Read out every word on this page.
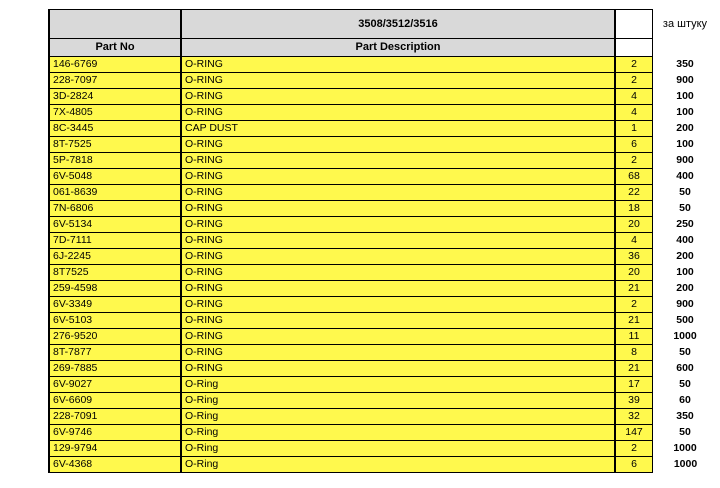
	3508/3512/3516		за штуку
Part No	Part Description		
146-6769	O-RING	2	350
228-7097	O-RING	2	900
3D-2824	O-RING	4	100
7X-4805	O-RING	4	100
8C-3445	CAP DUST	1	200
8T-7525	O-RING	6	100
5P-7818	O-RING	2	900
6V-5048	O-RING	68	400
061-8639	O-RING	22	50
7N-6806	O-RING	18	50
6V-5134	O-RING	20	250
7D-7111	O-RING	4	400
6J-2245	O-RING	36	200
8T7525	O-RING	20	100
259-4598	O-RING	21	200
6V-3349	O-RING	2	900
6V-5103	O-RING	21	500
276-9520	O-RING	11	1000
8T-7877	O-RING	8	50
269-7885	O-RING	21	600
6V-9027	O-Ring	17	50
6V-6609	O-Ring	39	60
228-7091	O-Ring	32	350
6V-9746	O-Ring	147	50
129-9794	O-Ring	2	1000
6V-4368	O-Ring	6	1000
